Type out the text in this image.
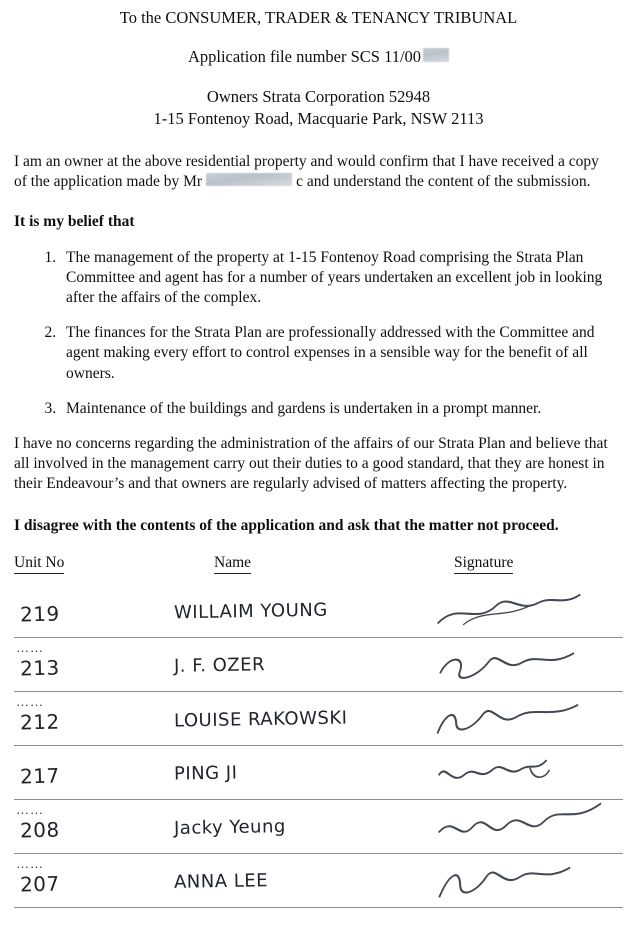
To the CONSUMER, TRADER & TENANCY TRIBUNAL
Application file number SCS 11/00
Owners Strata Corporation 52948
1-15 Fontenoy Road, Macquarie Park, NSW 2113
I am an owner at the above residential property and would confirm that I have received a copy of the application made by Mr	c and understand the content of the submission.
It is my belief that
1. The management of the property at 1-15 Fontenoy Road comprising the Strata Plan Committee and agent has for a number of years undertaken an excellent job in looking after the affairs of the complex.
2. The finances for the Strata Plan are professionally addressed with the Committee and agent making every effort to control expenses in a sensible way for the benefit of all owners.
3. Maintenance of the buildings and gardens is undertaken in a prompt manner.
I have no concerns regarding the administration of the affairs of our Strata Plan and believe that all involved in the management carry out their duties to a good standard, that they are honest in their Endeavour’s and that owners are regularly advised of matters affecting the property.
I disagree with the contents of the application and ask that the matter not proceed.
Unit No	Name	Signature
219	WILLAIM YOUNG
……
213	J. F. OZER
……
212	LOUISE RAKOWSKI
217	PING JI
……
208	Jacky Yeung
……
207	ANNA LEE
